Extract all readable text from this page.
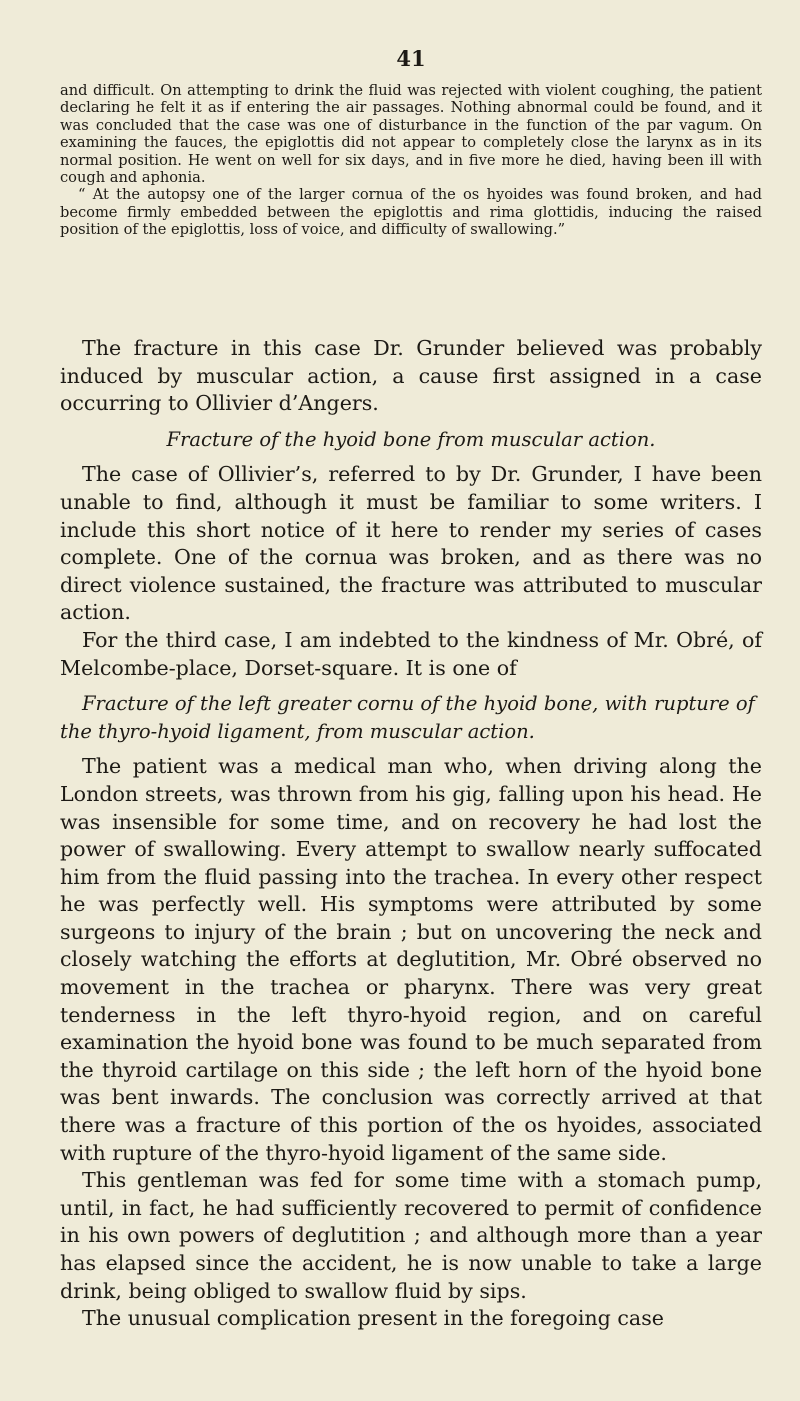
41

and difficult. On attempting to drink the fluid was rejected with violent coughing, the patient declaring he felt it as if entering the air passages. Nothing abnormal could be found, and it was concluded that the case was one of disturbance in the function of the par vagum. On examining the fauces, the epiglottis did not appear to completely close the larynx as in its normal position. He went on well for six days, and in five more he died, having been ill with cough and aphonia.

“ At the autopsy one of the larger cornua of the os hyoides was found broken, and had become firmly embedded between the epiglottis and rima glottidis, inducing the raised position of the epiglottis, loss of voice, and difficulty of swallowing.”

The fracture in this case Dr. Grunder believed was probably induced by muscular action, a cause first assigned in a case occurring to Ollivier d’Angers.

Fracture of the hyoid bone from muscular action.

The case of Ollivier’s, referred to by Dr. Grunder, I have been unable to find, although it must be familiar to some writers. I include this short notice of it here to render my series of cases complete. One of the cornua was broken, and as there was no direct violence sustained, the fracture was attributed to muscular action.

For the third case, I am indebted to the kindness of Mr. Obré, of Melcombe-place, Dorset-square. It is one of

Fracture of the left greater cornu of the hyoid bone, with rupture of the thyro-hyoid ligament, from muscular action.

The patient was a medical man who, when driving along the London streets, was thrown from his gig, falling upon his head. He was insensible for some time, and on recovery he had lost the power of swallowing. Every attempt to swallow nearly suffocated him from the fluid passing into the trachea. In every other respect he was perfectly well. His symptoms were attributed by some surgeons to injury of the brain ; but on uncovering the neck and closely watching the efforts at deglutition, Mr. Obré observed no movement in the trachea or pharynx. There was very great tenderness in the left thyro-hyoid region, and on careful examination the hyoid bone was found to be much separated from the thyroid cartilage on this side ; the left horn of the hyoid bone was bent inwards. The conclusion was correctly arrived at that there was a fracture of this portion of the os hyoides, associated with rupture of the thyro-hyoid ligament of the same side.

This gentleman was fed for some time with a stomach pump, until, in fact, he had sufficiently recovered to permit of confidence in his own powers of deglutition ; and although more than a year has elapsed since the accident, he is now unable to take a large drink, being obliged to swallow fluid by sips.

The unusual complication present in the foregoing case
